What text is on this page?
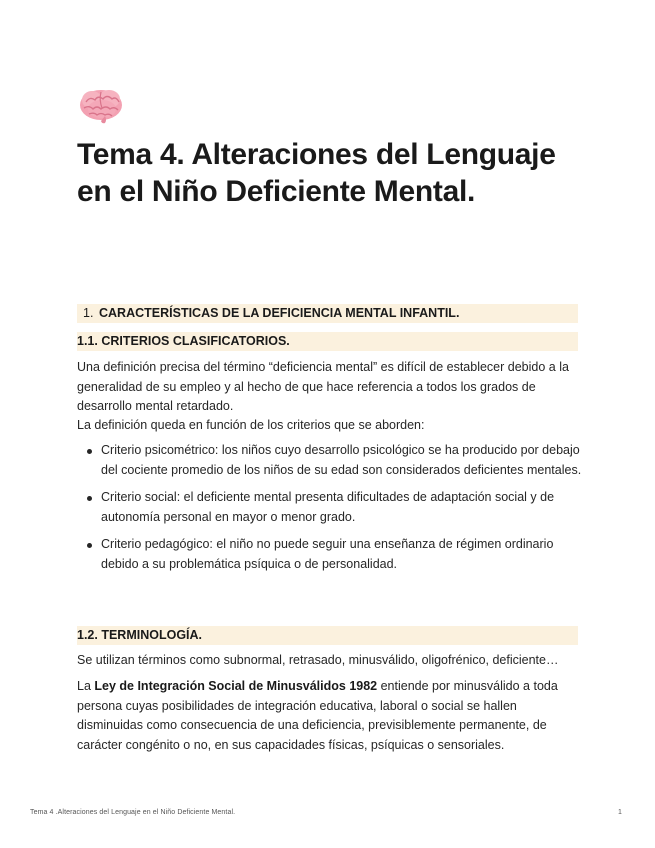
Tema 4. Alteraciones del Lenguaje en el Niño Deficiente Mental.
1. CARACTERÍSTICAS DE LA DEFICIENCIA MENTAL INFANTIL.
1.1. CRITERIOS CLASIFICATORIOS.

Una definición precisa del término “deficiencia mental” es difícil de establecer debido a la generalidad de su empleo y al hecho de que hace referencia a todos los grados de desarrollo mental retardado.

La definición queda en función de los criterios que se aborden:

Criterio psicométrico: los niños cuyo desarrollo psicológico se ha producido por debajo del cociente promedio de los niños de su edad son considerados deficientes mentales.
Criterio social: el deficiente mental presenta dificultades de adaptación social y de autonomía personal en mayor o menor grado.
Criterio pedagógico: el niño no puede seguir una enseñanza de régimen ordinario debido a su problemática psíquica o de personalidad.
1.2. TERMINOLOGÍA.

Se utilizan términos como subnormal, retrasado, minusválido, oligofrénico, deficiente…

La Ley de Integración Social de Minusválidos 1982 entiende por minusválido a toda persona cuyas posibilidades de integración educativa, laboral o social se hallen disminuidas como consecuencia de una deficiencia, previsiblemente permanente, de carácter congénito o no, en sus capacidades físicas, psíquicas o sensoriales.

Tema 4 .Alteraciones del Lenguaje en el Niño Deficiente Mental.	1
